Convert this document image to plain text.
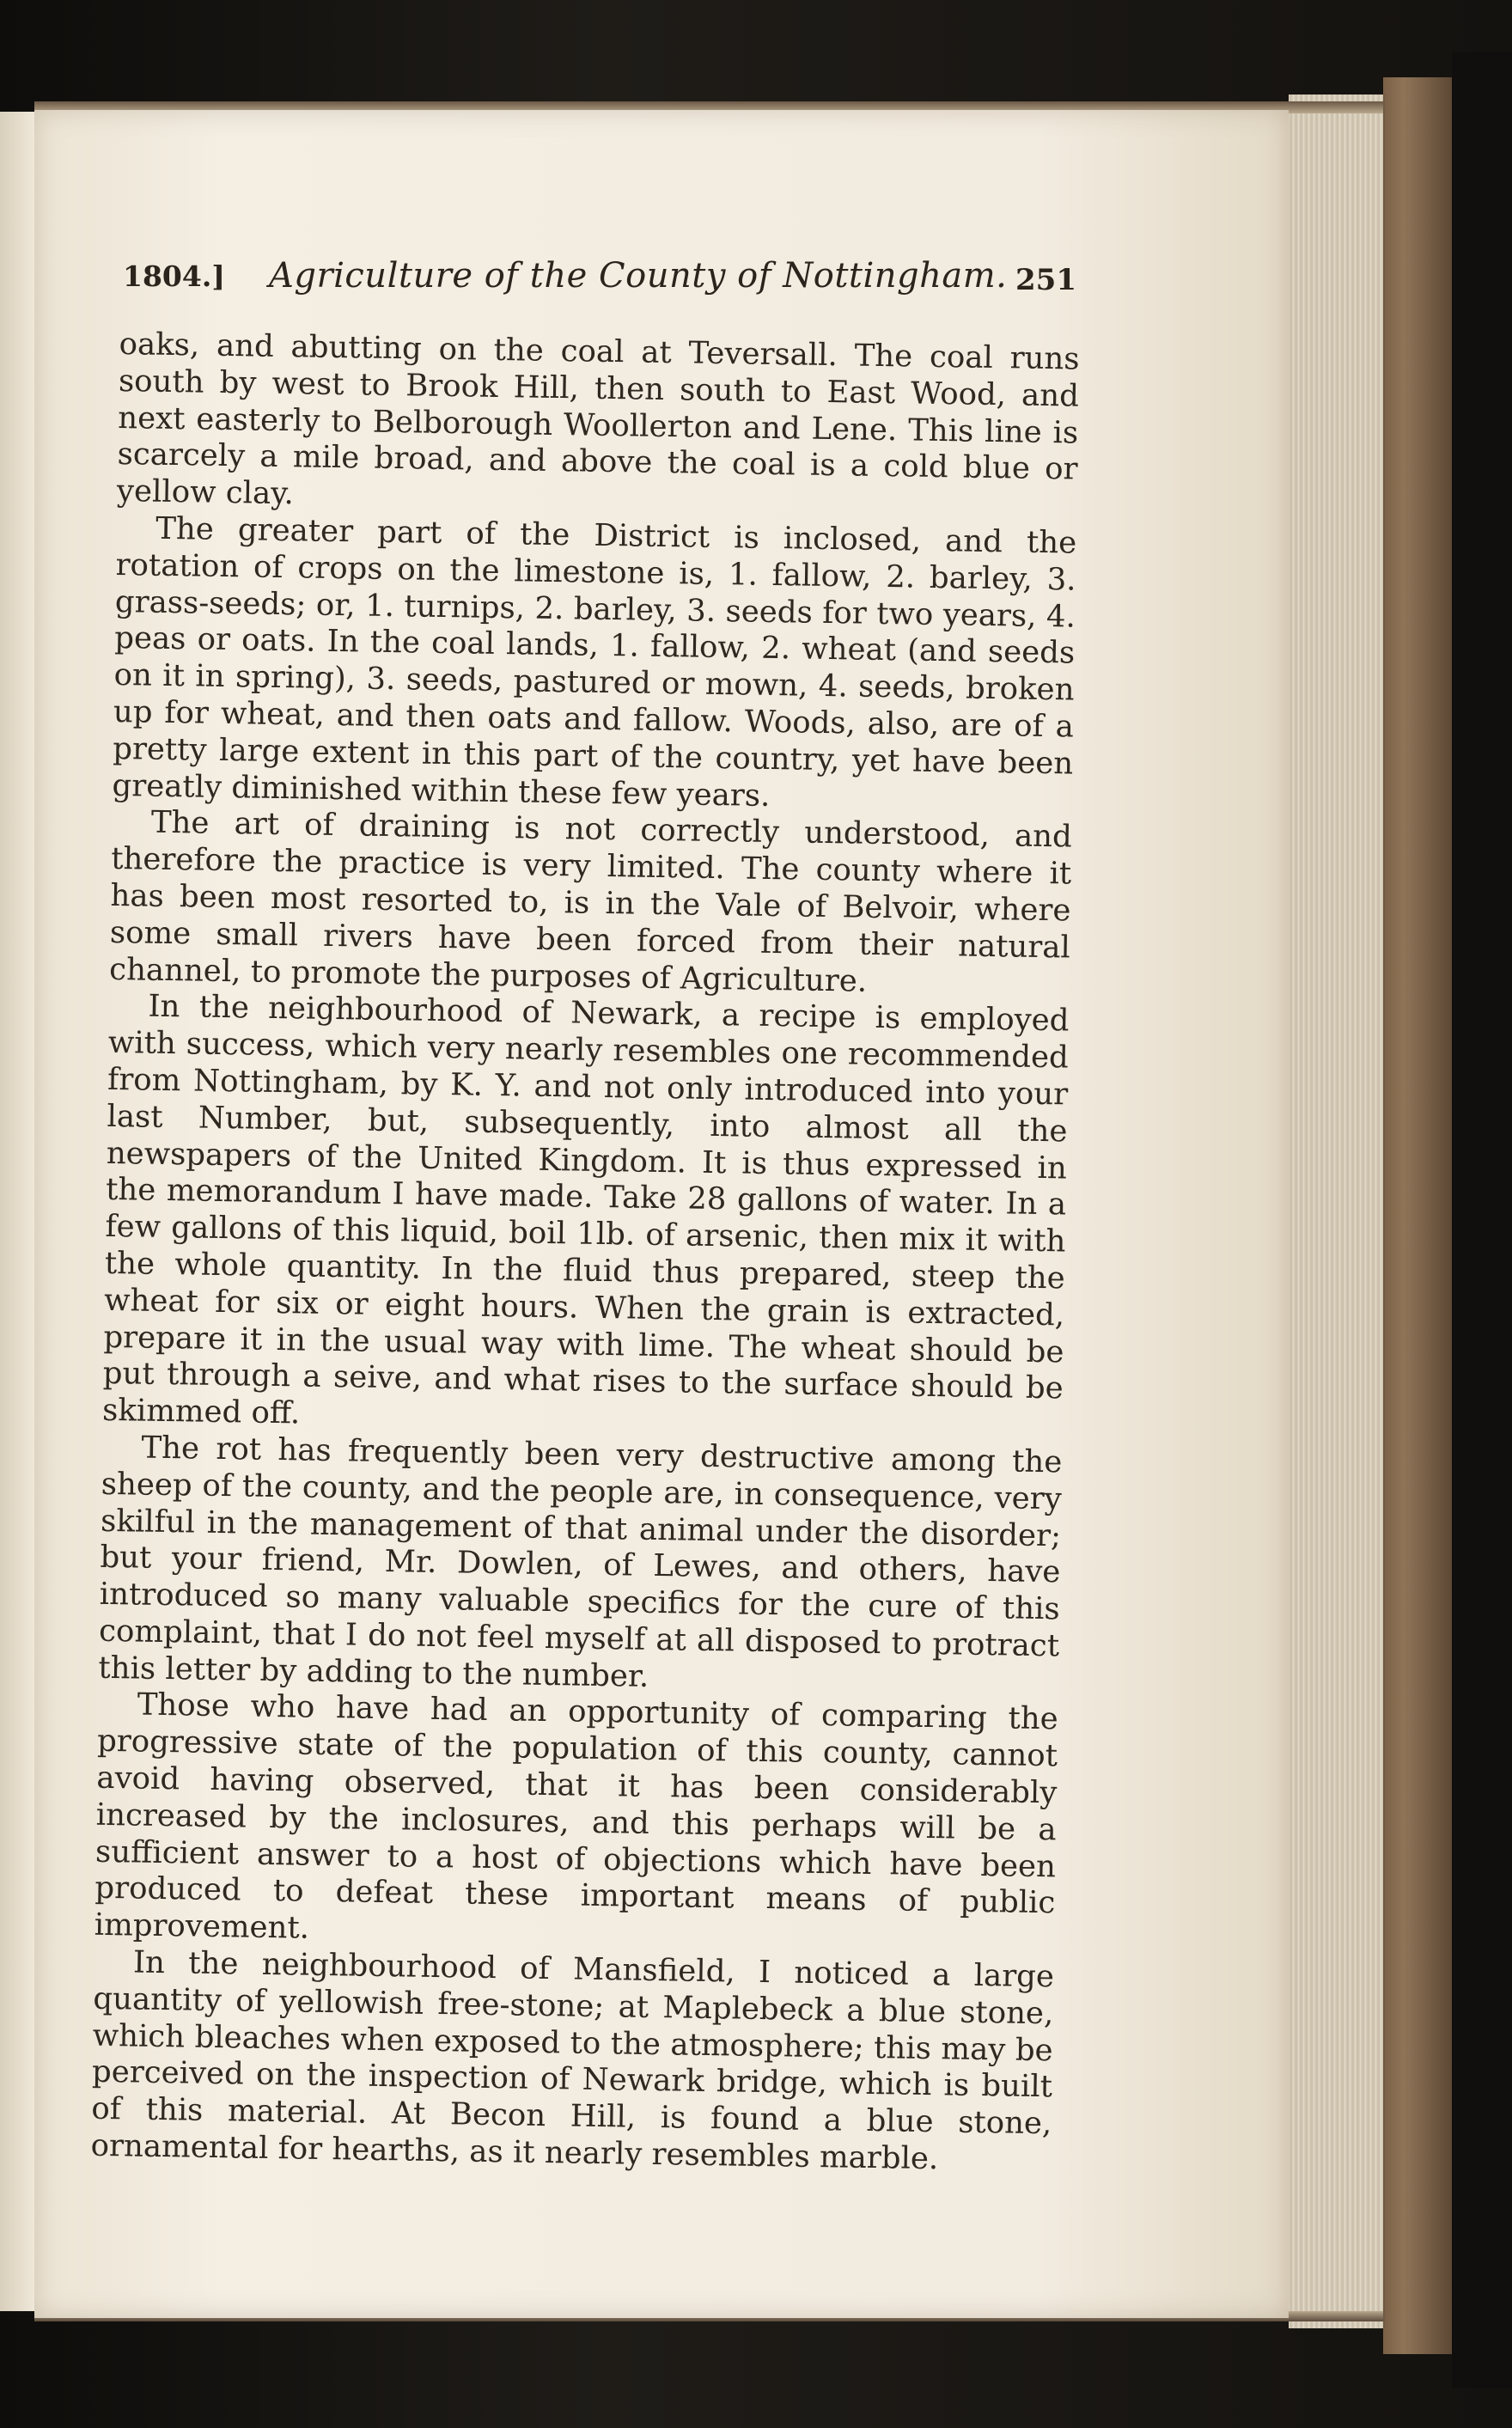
1804.] Agriculture of the County of Nottingham. 251

oaks, and abutting on the coal at Teversall. The coal runs south by west to Brook Hill, then south to East Wood, and next easterly to Belborough Woollerton and Lene. This line is scarcely a mile broad, and above the coal is a cold blue or yellow clay.

The greater part of the District is inclosed, and the rotation of crops on the limestone is, 1. fallow, 2. barley, 3. grass-seeds; or, 1. turnips, 2. barley, 3. seeds for two years, 4. peas or oats. In the coal lands, 1. fallow, 2. wheat (and seeds on it in spring), 3. seeds, pastured or mown, 4. seeds, broken up for wheat, and then oats and fallow. Woods, also, are of a pretty large extent in this part of the country, yet have been greatly diminished within these few years.

The art of draining is not correctly understood, and therefore the practice is very limited. The county where it has been most resorted to, is in the Vale of Belvoir, where some small rivers have been forced from their natural channel, to promote the purposes of Agriculture.

In the neighbourhood of Newark, a recipe is employed with success, which very nearly resembles one recommended from Nottingham, by K. Y. and not only introduced into your last Number, but, subsequently, into almost all the newspapers of the United Kingdom. It is thus expressed in the memorandum I have made. Take 28 gallons of water. In a few gallons of this liquid, boil 1lb. of arsenic, then mix it with the whole quantity. In the fluid thus prepared, steep the wheat for six or eight hours. When the grain is extracted, prepare it in the usual way with lime. The wheat should be put through a seive, and what rises to the surface should be skimmed off.

The rot has frequently been very destructive among the sheep of the county, and the people are, in consequence, very skilful in the management of that animal under the disorder; but your friend, Mr. Dowlen, of Lewes, and others, have introduced so many valuable specifics for the cure of this complaint, that I do not feel myself at all disposed to protract this letter by adding to the number.

Those who have had an opportunity of comparing the progressive state of the population of this county, cannot avoid having observed, that it has been considerably increased by the inclosures, and this perhaps will be a sufficient answer to a host of objections which have been produced to defeat these important means of public improvement.

In the neighbourhood of Mansfield, I noticed a large quantity of yellowish free-stone; at Maplebeck a blue stone, which bleaches when exposed to the atmosphere; this may be perceived on the inspection of Newark bridge, which is built of this material. At Becon Hill, is found a blue stone, ornamental for hearths, as it nearly resembles marble.
